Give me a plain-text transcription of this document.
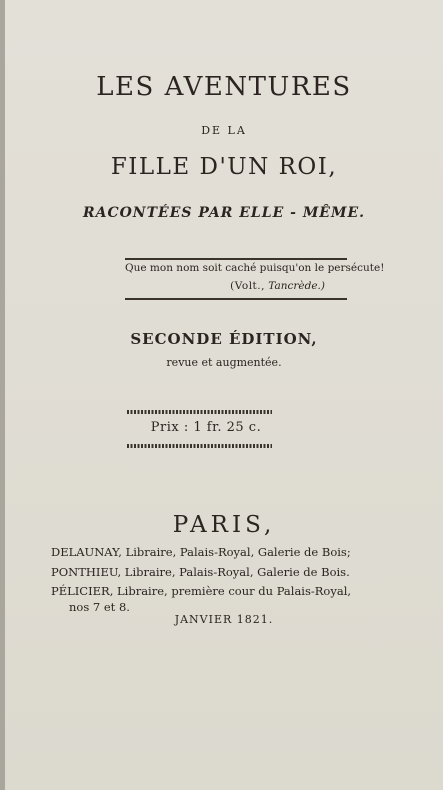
LES AVENTURES
DE LA
FILLE D'UN ROI,
RACONTÉES PAR ELLE - MÊME.
Que mon nom soit caché puisqu'on le persécute!
(Volt., Tancrède.)
SECONDE ÉDITION,
revue et augmentée.
Prix : 1 fr. 25 c.
PARIS,
DELAUNAY, Libraire, Palais-Royal, Galerie de Bois;
PONTHIEU, Libraire, Palais-Royal, Galerie de Bois.
PÉLICIER, Libraire, première cour du Palais-Royal,
nos 7 et 8.
JANVIER 1821.
